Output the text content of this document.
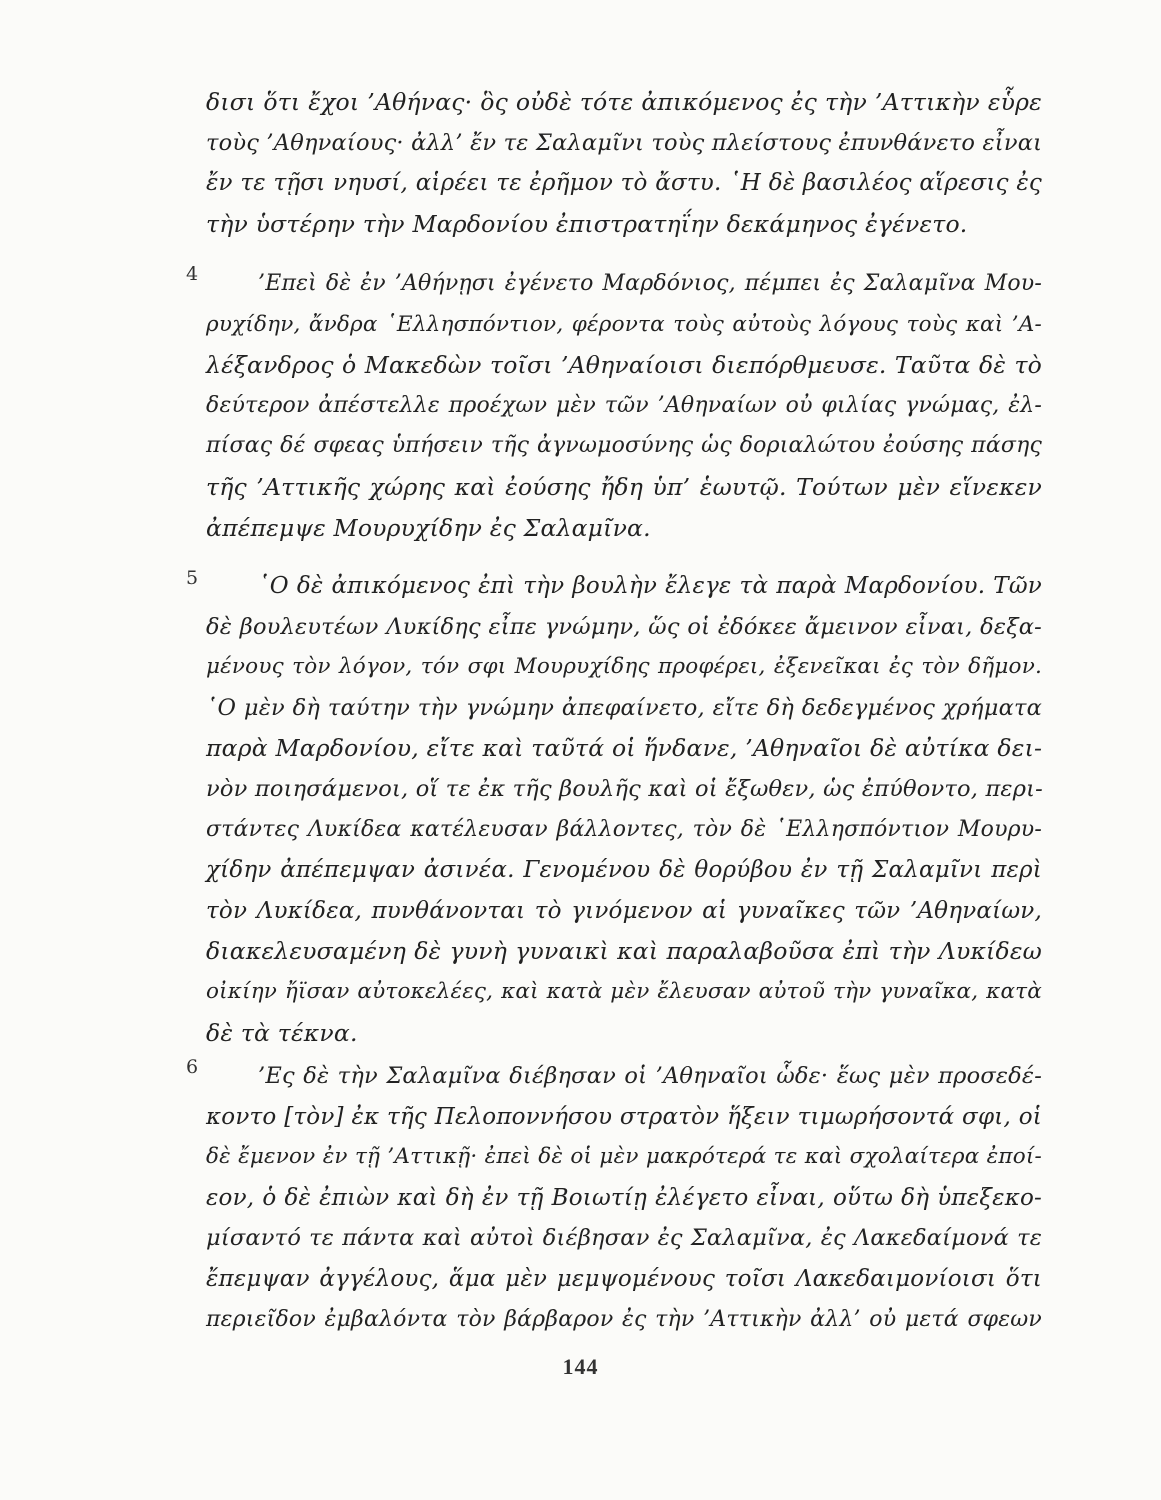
δισι ὅτι ἔχοι ’Αθήνας· ὃς οὐδὲ τότε ἀπικόμενος ἐς τὴν ’Αττικὴν εὗρε
τοὺς ’Αθηναίους· ἀλλ’ ἔν τε Σαλαμῖνι τοὺς πλείστους ἐπυνθάνετο εἶναι
ἔν τε τῇσι νηυσί, αἱρέει τε ἐρῆμον τὸ ἄστυ. ῾Η δὲ βασιλέος αἵρεσις ἐς
τὴν ὑστέρην τὴν Μαρδονίου ἐπιστρατηΐην δεκάμηνος ἐγένετο.
4	’Επεὶ δὲ ἐν ’Αθήνῃσι ἐγένετο Μαρδόνιος, πέμπει ἐς Σαλαμῖνα Μου-
ρυχίδην, ἄνδρα ῾Ελλησπόντιον, φέροντα τοὺς αὐτοὺς λόγους τοὺς καὶ ’Α-
λέξανδρος ὁ Μακεδὼν τοῖσι ’Αθηναίοισι διεπόρθμευσε. Ταῦτα δὲ τὸ
δεύτερον ἀπέστελλε προέχων μὲν τῶν ’Αθηναίων οὐ φιλίας γνώμας, ἐλ-
πίσας δέ σφεας ὑπήσειν τῆς ἀγνωμοσύνης ὡς δοριαλώτου ἐούσης πάσης
τῆς ’Αττικῆς χώρης καὶ ἐούσης ἤδη ὑπ’ ἑωυτῷ. Τούτων μὲν εἵνεκεν
ἀπέπεμψε Μουρυχίδην ἐς Σαλαμῖνα.
5	῾Ο δὲ ἀπικόμενος ἐπὶ τὴν βουλὴν ἔλεγε τὰ παρὰ Μαρδονίου. Τῶν
δὲ βουλευτέων Λυκίδης εἶπε γνώμην, ὥς οἱ ἐδόκεε ἄμεινον εἶναι, δεξα-
μένους τὸν λόγον, τόν σφι Μουρυχίδης προφέρει, ἐξενεῖκαι ἐς τὸν δῆμον.
῾Ο μὲν δὴ ταύτην τὴν γνώμην ἀπεφαίνετο, εἴτε δὴ δεδεγμένος χρήματα
παρὰ Μαρδονίου, εἴτε καὶ ταῦτά οἱ ἥνδανε, ’Αθηναῖοι δὲ αὐτίκα δει-
νὸν ποιησάμενοι, οἵ τε ἐκ τῆς βουλῆς καὶ οἱ ἔξωθεν, ὡς ἐπύθοντο, περι-
στάντες Λυκίδεα κατέλευσαν βάλλοντες, τὸν δὲ ῾Ελλησπόντιον Μουρυ-
χίδην ἀπέπεμψαν ἀσινέα. Γενομένου δὲ θορύβου ἐν τῇ Σαλαμῖνι περὶ
τὸν Λυκίδεα, πυνθάνονται τὸ γινόμενον αἱ γυναῖκες τῶν ’Αθηναίων,
διακελευσαμένη δὲ γυνὴ γυναικὶ καὶ παραλαβοῦσα ἐπὶ τὴν Λυκίδεω
οἰκίην ἤϊσαν αὐτοκελέες, καὶ κατὰ μὲν ἔλευσαν αὐτοῦ τὴν γυναῖκα, κατὰ
δὲ τὰ τέκνα.
6	’Ες δὲ τὴν Σαλαμῖνα διέβησαν οἱ ’Αθηναῖοι ὧδε· ἕως μὲν προσεδέ-
κοντο [τὸν] ἐκ τῆς Πελοποννήσου στρατὸν ἥξειν τιμωρήσοντά σφι, οἱ
δὲ ἔμενον ἐν τῇ ’Αττικῇ· ἐπεὶ δὲ οἱ μὲν μακρότερά τε καὶ σχολαίτερα ἐποί-
εον, ὁ δὲ ἐπιὼν καὶ δὴ ἐν τῇ Βοιωτίῃ ἐλέγετο εἶναι, οὕτω δὴ ὑπεξεκο-
μίσαντό τε πάντα καὶ αὐτοὶ διέβησαν ἐς Σαλαμῖνα, ἐς Λακεδαίμονά τε
ἔπεμψαν ἀγγέλους, ἅμα μὲν μεμψομένους τοῖσι Λακεδαιμονίοισι ὅτι
περιεῖδον ἐμβαλόντα τὸν βάρβαρον ἐς τὴν ’Αττικὴν ἀλλ’ οὐ μετά σφεων
144
